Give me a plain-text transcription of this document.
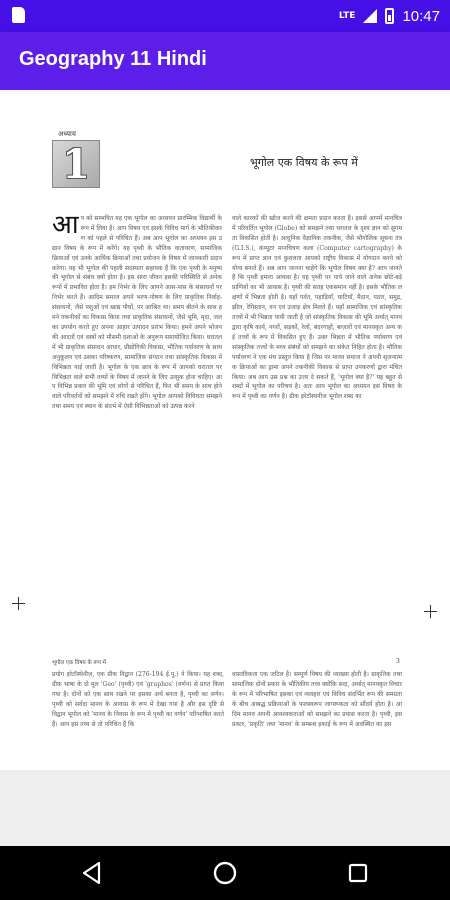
LTE	10:47
Geography 11 Hindi
अध्याय
1	भूगोल एक विषय के रूप में
आप को सम्भवित यह एक भूगोल का अध्ययन प्रारम्भिक विद्यार्थी के रूप में लिया है। आप विषय एवं इसके विविध मार्ग के भौतिकीकरण को पहले से परिचित हैं। अब आप भूगोल का अध्ययन इस उद्यान विषय के रूप में करेंगे। यह पृथ्वी के भौतिक वातावरण, सामाजिक क्रियाओं एवं उनके आर्थिक क्रियाओं तथा प्रयोजन के विषय में जानकारी प्रदान करेगा। यह भी भूगोल की पहली सदस्यता सहायक हैं कि एक पृथ्वी के मनुष्य की भूगोल से संबंध क्यों होता है। इस सारा जीवन इसकी परिस्थिति से अनेक रूपों में प्रभावित होता है। हम निर्भर के लिए आपने आस-पास के संसाधनों पर निर्भर करते हैं। आदिम समाज अपने भरण-पोषण के लिए प्राकृतिक निर्वाह-संसाधनों, जैसे पशुओं एवं खाद्य पौधों, पर आश्रित था। समय बीतने के साथ हमने तकनीकों का विकास किया तथा प्राकृतिक संसाधनों, जैसे भूमि, मृदा, जल का उपयोग करते हुए अपना आहार उत्पादन प्रारंभ किया। हमने अपने भोजन की आदतों एवं वस्त्रों को मौसमी दशाओं के अनुरूप समायोजित किया। धरातल में भी प्राकृतिक संसाधन आधार, प्रौद्योगिकी विकास, भौतिक पर्यावरण के साथ अनुकूलन एवं उसका परिष्करण, सामाजिक संगठन तथा सांस्कृतिक विकास में विभिन्नता पाई जाती है। भूगोल के एक छात्र के रूप में आपको धरातल पर विभिन्नता वाले सभी तथ्यों के विषय में जानने के लिए उत्सुक होना चाहिए। आप विभिन्न प्रकार की भूमि एवं लोगों से परिचित हैं, फिर भी समय के साथ होने वाले परिवर्तनों को समझने में रुचि रखते होंगे। भूगोल आपको विविधता समझने तथा समय एवं स्थान के संदर्भ में ऐसी विभिन्नताओं को उत्पन्न करने
वाले कारकों की खोज करने की क्षमता प्रदान करता है। इससे आपमें मानचित्र में परिवर्तित भूगोल (Globe) को समझने तथा धरातल के दृश्य ज्ञान को सुगमता विकसित होती है। आधुनिक वैज्ञानिक तकनीक, जैसे भौगोलिक सूचना तंत्र (G.I.S.), कंप्यूटर मानचित्रण कला (Computer cartography) के रूप में प्राप्त ज्ञान एवं कुशलता आपको राष्ट्रीय विकास में योगदान करने को योग्य बनाते हैं। अब आप जानना चाहेंगे कि भूगोल विषय क्या है? आप जानते हैं कि पृथ्वी हमारा आवास है। यह पृथ्वी पर पाये जाने वाले अनेक छोटे-बड़े प्राणियों का भी आवास है। पृथ्वी की सतह एकसमान नहीं है। इसके भौतिक लक्षणों में भिन्नता होती है। यहाँ पर्वत, पहाड़ियाँ, घाटियाँ, मैदान, पठार, समुद्र, झील, रेगिस्तान, वन एवं उजाड़ क्षेत्र मिलते हैं। यहाँ सामाजिक एवं सांस्कृतिक तत्त्वों में भी भिन्नता पायी जाती है जो सांस्कृतिक विकास की भूमि अर्थात् मानव द्वारा कृषि कार्य, नगरों, सड़कों, रेलों, बंदरगाहों, बाज़ारों एवं मानवकृत अन्य कई तत्त्वों के रूप में विकसित हुए हैं। उक्त भिन्नता में भौतिक पर्यावरण एवं सांस्कृतिक तत्त्वों के मध्य संबंधों को समझने का संकेत निहित होता है। भौतिक पर्यावरण ने एक मंच प्रस्तुत किया है जिस पर मानव समाज ने अपनी सृजनात्मक क्रियाओं का ड्रामा अपने तकनीकी विकास से प्राप्त उपकरणों द्वारा मंचित किया। अब आप उस प्रश्न का उत्तर दे सकते हैं, 'भूगोल क्या है?' यह बहुत से शब्दों में भूगोल का परिचय है। अतः आप भूगोल का अध्ययन इस विषय के रूप में पृथ्वी का वर्णन है। ग्रीक इरेटॉस्थनीज भूगोल शब्द का
भूगोल एक विषय के रूप में	3
प्रयोग इरेटॉस्थेनीज़, एक ग्रीक विद्वान (276-194 ई.पू.) ने किया। यह शब्द, ग्रीक भाषा के दो मूल 'Geo' (पृथ्वी) एवं 'graphos' (वर्णन) से प्राप्त किया गया है। दोनों को एक साथ रखने पर इसका अर्थ बनता है, पृथ्वी का वर्णन। पृथ्वी को सर्वदा मानव के आवास के रूप में देखा गया है और इस दृष्टि से विद्वान भूगोल को 'मानव के निवास के रूप में पृथ्वी का वर्णन' परिभाषित करते हैं। आप इस तथ्य से तो परिचित हैं कि
वास्तविकता एक जटिल है। सम्पूर्ण विषय की व्याख्या होती है। प्राकृतिक तथा सामाजिक दोनों प्रकार के भौतिकीय तत्त्व क्योंकि सदा, अर्थात् मानवकृत विचार के रूप में परिभाषित इसका एवं व्यवहार एवं विविध संदर्भित रूप की समग्रता के बीच आबद्ध प्रक्रियाओं के फलस्वरूप जागरूकता को सौंदर्य होता है। आदिम मानव अपनी आवश्यकताओं को समझने का प्रयास करता है। पृथ्वी, इस प्रकार, 'प्रकृति' तथा 'मानव' के सम्बन्ध इकाई के रूप में अवस्थित का इस
